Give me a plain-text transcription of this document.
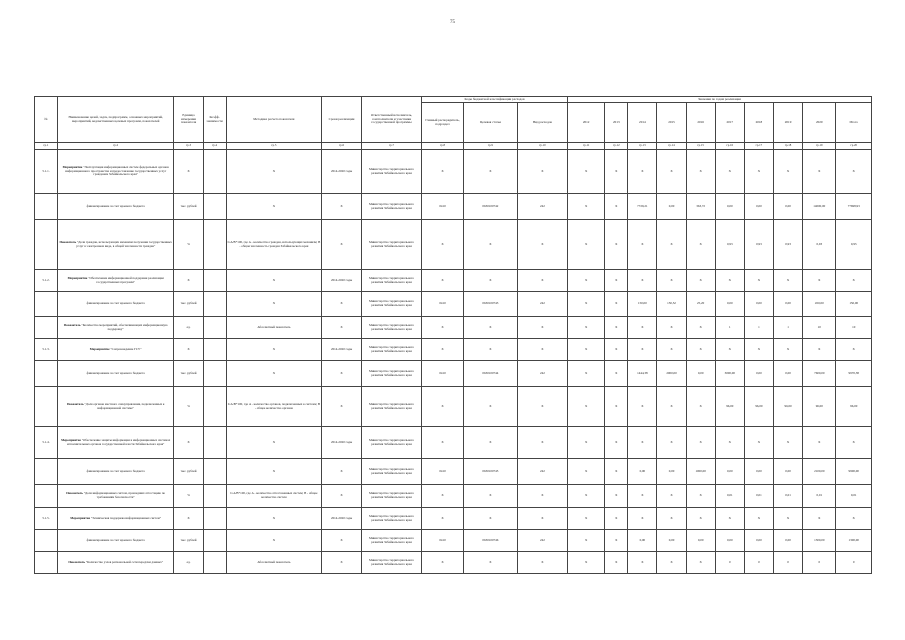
75
№	Наименование целей, задач, подпрограмм, основных мероприятий, мероприятий, ведомственных целевых программ, показателей	Единица измерения показателя	Коэфф. значимости	Методика расчета показателя	Сроки реализации	Ответственный исполнитель, соисполнители и участники государственной программы	Коды бюджетной классификации расходов			Значения по годам реализации									
							Главный распорядитель, подраздел	Целевая статья	Вид расходов	2012	2013	2014	2015	2016	2017	2018	2019	2020	Итого
гр.1	гр.2	гр.3	гр.4	гр.5	гр.6	гр.7	гр.8	гр.9	гр.10	гр.11	гр.12	гр.13	гр.14	гр.15	гр.16	гр.17	гр.18	гр.19	гр.20
5.1.1.	Мероприятие "Эксплуатация информационных систем федеральных органов информационного пространства и предоставление государственных услуг гражданам Забайкальского края"	Х		Х	2014-2020 годы	Министерство территориального развития Забайкальского края	Х	Х	Х	Х	Х	Х	Х	Х	Х	Х	Х	Х	Х
	финансирование за счет краевого бюджета	тыс. рублей		Х	Х	Министерство территориального развития Забайкальского края	0410	0630100742	242	Х	Х	7729,21	0,00	363,72	0,00	0,00	0,00	14000,00	77698,93
	Показатель "Доля граждан, использующих механизм получения государственных услуг в электронном виде, в общей численности граждан"	%		I=A/B*100, где A - количество граждан, использующих механизм; B - общая численность граждан Забайкальского края	Х	Министерство территориального развития Забайкальского края	Х	Х	Х	Х	Х	Х	Х	Х	0,93	0,93	0,93	0,93	0,93
5.1.2.	Мероприятие "Обеспечение информационной поддержки реализации государственных программ"	Х		Х	2014-2020 годы	Министерство территориального развития Забайкальского края	Х	Х	Х	Х	Х	Х	Х	Х	Х	Х	Х	Х	Х
	финансирование за счет краевого бюджета	тыс. рублей		Х	Х	Министерство территориального развития Забайкальского края	0410	0630100743	242	Х	Х	150,00	150,52	25,20	0,00	0,00	0,00	450,00	150,00
	Показатель "Количество мероприятий, обеспечивающих информационную поддержку"	ед.		Абсолютный показатель	Х	Министерство территориального развития Забайкальского края	Х	Х	Х	Х	Х	Х	Х	Х	1	1	1	10	10
5.1.3.	Мероприятие "Сопровождение ГСУ"	Х		Х	2014-2020 годы	Министерство территориального развития Забайкальского края	Х	Х	Х	Х	Х	Х	Х	Х	Х	Х	Х	Х	Х
	финансирование за счет краевого бюджета	тыс. рублей		Х	Х	Министерство территориального развития Забайкальского края	0410	0630100744	242	Х	Х	1444,38	2000,00	0,00	3000,00	0,00	0,00	7600,00	9970,38
	Показатель "Доля органов местного самоуправления, подключенных к информационной системе"	%		I=A/B*100, где A - количество органов, подключенных к системе; B - общее количество органов	Х	Министерство территориального развития Забайкальского края	Х	Х	Х	Х	Х	Х	Х	Х	96,00	96,00	96,00	96,00	96,00
5.1.4.	Мероприятие "Обеспечение защиты информации в информационных системах исполнительных органов государственной власти Забайкальского края"	Х		Х	2014-2020 годы	Министерство территориального развития Забайкальского края	Х	Х	Х	Х	Х	Х	Х	Х	Х	Х	Х	Х	Х
	финансирование за счет краевого бюджета	тыс. рублей		Х	Х	Министерство территориального развития Забайкальского края	0410	0630100745	242	Х	Х	0,00	0,00	1000,00	0,00	0,00	0,00	2100,00	9900,00
	Показатель "Доля информационных систем, прошедших аттестацию по требованиям безопасности"	%		I=A/B*100, где A - количество аттестованных систем; B - общее количество систем	Х	Министерство территориального развития Забайкальского края	Х	Х	Х	Х	Х	Х	Х	Х	0,01	0,01	0,01	0,01	0,01
5.1.5.	Мероприятие "Техническая поддержка информационных систем"	Х		Х	2014-2020 годы	Министерство территориального развития Забайкальского края	Х	Х	Х	Х	Х	Х	Х	Х	Х	Х	Х	Х	Х
	финансирование за счет краевого бюджета	тыс. рублей		Х	Х	Министерство территориального развития Забайкальского края	0410	0630100746	242	Х	Х	0,00	0,00	0,00	0,00	0,00	0,00	1300,00	1300,00
	Показатель "Количество узлов региональной сети передачи данных"	ед.		Абсолютный показатель	Х	Министерство территориального развития Забайкальского края	Х	Х	Х	Х	Х	Х	Х	Х	0	0	0	0	0
